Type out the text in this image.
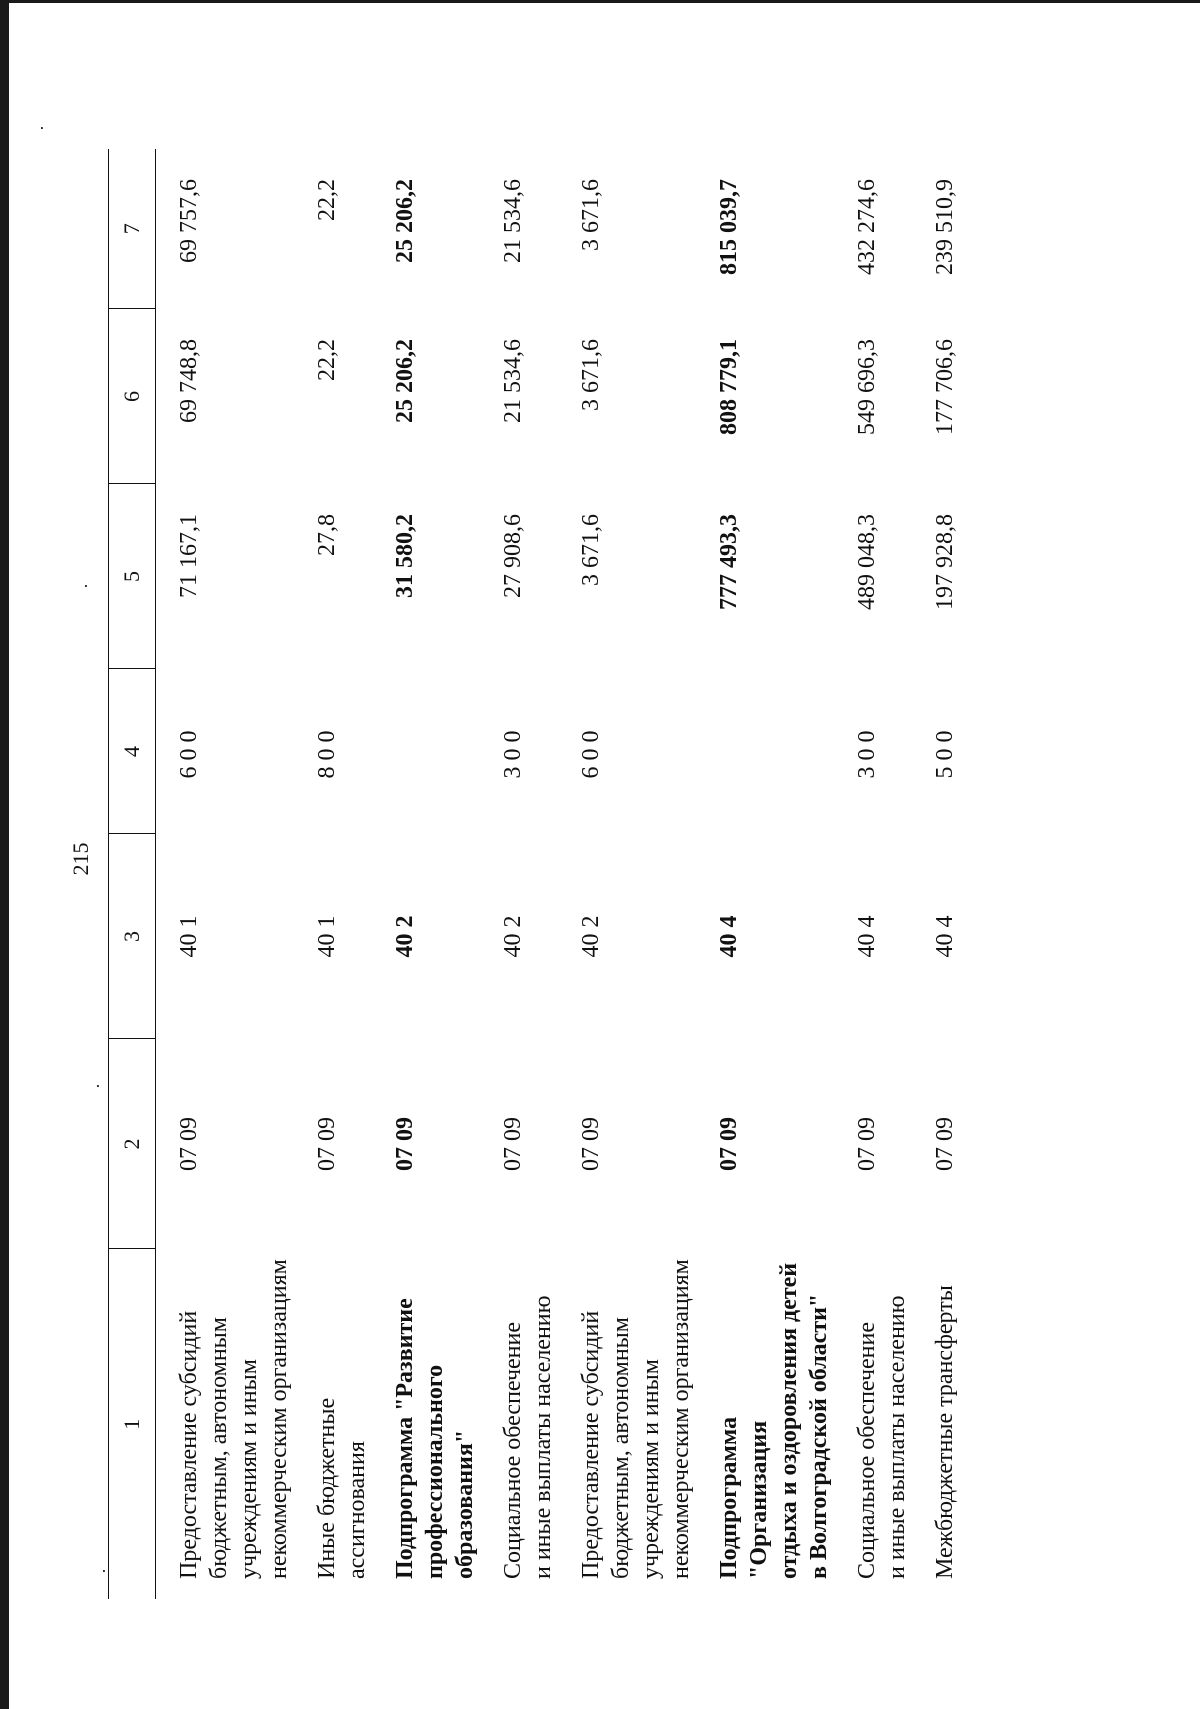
215
·
·
·
·
1	2	3	4	5	6	7

Предоставление субсидий бюджетным, автономным учреждениям и иным некоммерческим организациям	07 09	40 1	600	71 167,1	69 748,8	69 757,6

Иные бюджетные ассигнования	07 09	40 1	800	27,8	22,2	22,2

Подпрограмма "Развитие профессионального образования"	07 09	40 2		31 580,2	25 206,2	25 206,2

Социальное обеспечение и иные выплаты населению	07 09	40 2	300	27 908,6	21 534,6	21 534,6

Предоставление субсидий бюджетным, автономным учреждениям и иным некоммерческим организациям	07 09	40 2	600	3 671,6	3 671,6	3 671,6

Подпрограмма "Организация отдыха и оздоровления детей в Волгоградской области"	07 09	40 4		777 493,3	808 779,1	815 039,7

Социальное обеспечение и иные выплаты населению	07 09	40 4	300	489 048,3	549 696,3	432 274,6

Межбюджетные трансферты	07 09	40 4	500	197 928,8	177 706,6	239 510,9
